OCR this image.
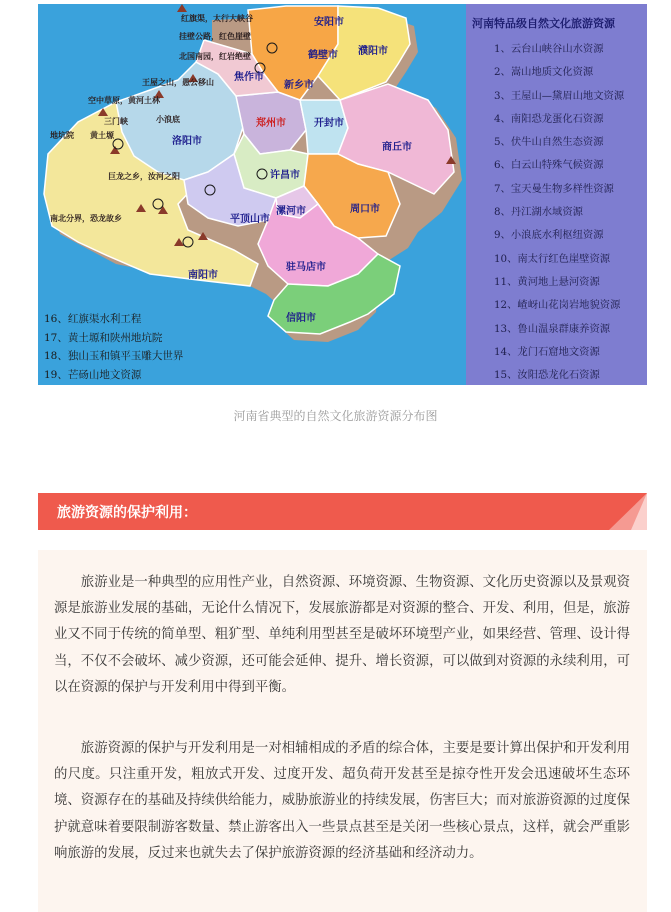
红旗渠，太行大峡谷
挂壁公路，红色崖壁
北国南园，红岩绝壁
王屋之山，愚公移山
空中草原，黄河土林
三门峡
地坑院 黄土塬
小浪底
巨龙之乡，汝河之阳
南北分界，恐龙故乡
安阳市
鹤壁市 濮阳市
新乡市
焦作市
郑州市	开封市
洛阳市
许昌市
商丘市
平顶山市
漯河市	周口市
南阳市
驻马店市
信阳市
16、红旗渠水利工程
17、黄土塬和陕州地坑院
18、独山玉和镇平玉雕大世界
19、芒砀山地文资源
河南特品级自然文化旅游资源
1、云台山峡谷山水资源
2、嵩山地质文化资源
3、王屋山—黛眉山地文资源
4、南阳恐龙蛋化石资源
5、伏牛山自然生态资源
6、白云山特殊气候资源
7、宝天曼生物多样性资源
8、丹江湖水域资源
9、小浪底水利枢纽资源
10、南太行红色崖壁资源
11、黄河地上悬河资源
12、嵖岈山花岗岩地貌资源
13、鲁山温泉群康养资源
14、龙门石窟地文资源
15、汝阳恐龙化石资源
河南省典型的自然文化旅游资源分布图
旅游资源的保护利用：

旅游业是一种典型的应用性产业，自然资源、环境资源、生物资源、文化历史资源以及景观资源是旅游业发展的基础，无论什么情况下，发展旅游都是对资源的整合、开发、利用，但是，旅游业又不同于传统的简单型、粗犷型、单纯利用型甚至是破坏环境型产业，如果经营、管理、设计得当，不仅不会破坏、减少资源，还可能会延伸、提升、增长资源，可以做到对资源的永续利用，可以在资源的保护与开发利用中得到平衡。

旅游资源的保护与开发利用是一对相辅相成的矛盾的综合体，主要是要计算出保护和开发利用的尺度。只注重开发，粗放式开发、过度开发、超负荷开发甚至是掠夺性开发会迅速破坏生态环境、资源存在的基础及持续供给能力，威胁旅游业的持续发展，伤害巨大；而对旅游资源的过度保护就意味着要限制游客数量、禁止游客出入一些景点甚至是关闭一些核心景点，这样，就会严重影响旅游的发展，反过来也就失去了保护旅游资源的经济基础和经济动力。
